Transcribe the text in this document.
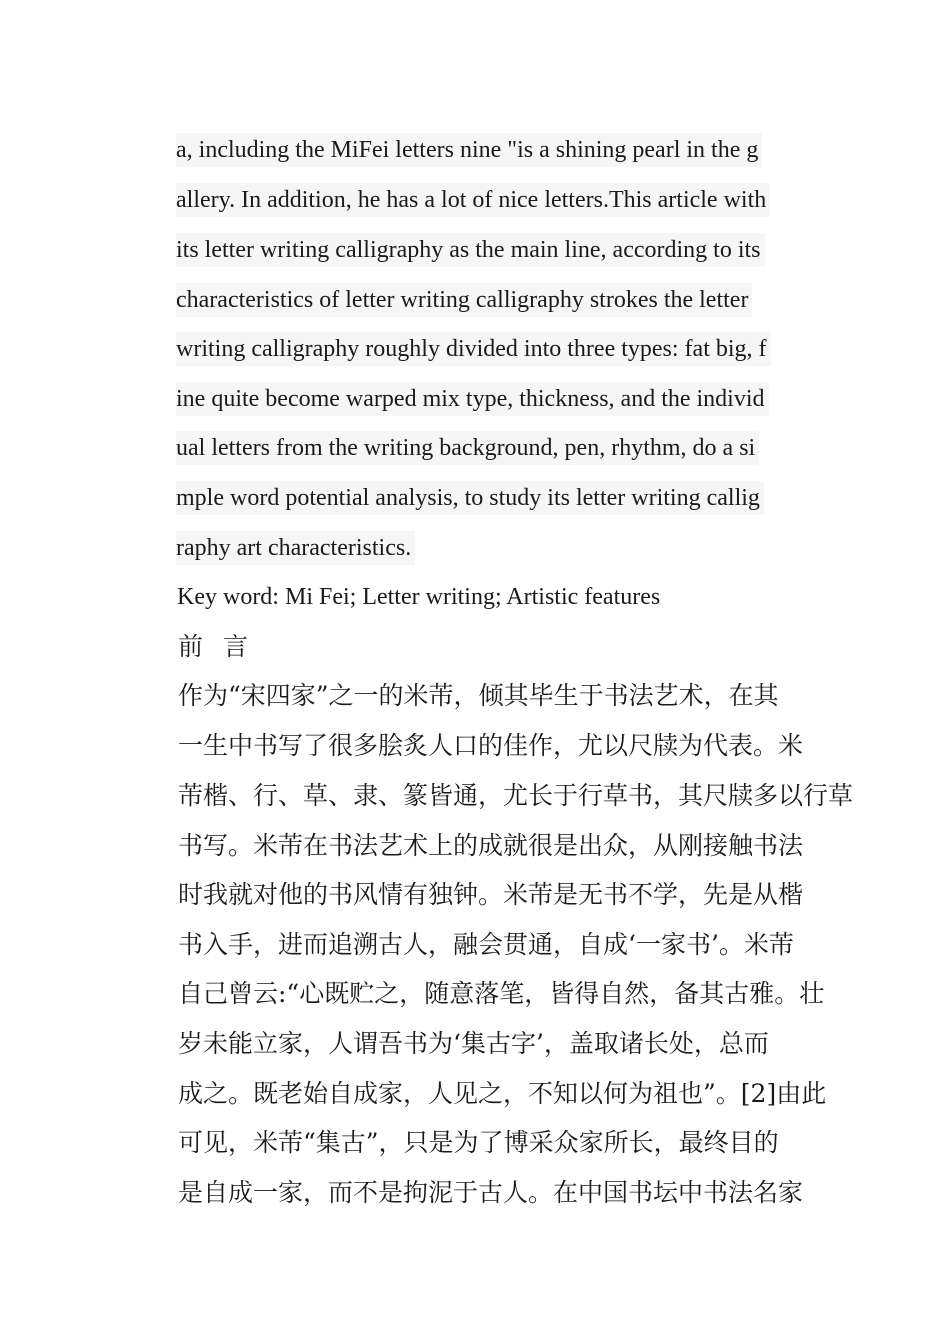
a, including the MiFei letters nine "is a shining pearl in the g
allery. In addition, he has a lot of nice letters.This article with
its letter writing calligraphy as the main line, according to its
characteristics of letter writing calligraphy strokes the letter
writing calligraphy roughly divided into three types: fat big, f
ine quite become warped mix type, thickness, and the individ
ual letters from the writing background, pen, rhythm, do a si
mple word potential analysis, to study its letter writing callig
raphy art characteristics.
Key word: Mi Fei; Letter writing; Artistic features
前 言
作为“宋四家”之一的米芾，倾其毕生于书法艺术，在其
一生中书写了很多脍炙人口的佳作，尤以尺牍为代表。米
芾楷、行、草、隶、篆皆通，尤长于行草书，其尺牍多以行草
书写。米芾在书法艺术上的成就很是出众，从刚接触书法
时我就对他的书风情有独钟。米芾是无书不学，先是从楷
书入手，进而追溯古人，融会贯通，自成‘一家书’。米芾
自己曾云:“心既贮之，随意落笔，皆得自然，备其古雅。壮
岁未能立家，人谓吾书为‘集古字’，盖取诸长处，总而
成之。既老始自成家，人见之，不知以何为祖也”。[2]由此
可见，米芾“集古”，只是为了博采众家所长，最终目的
是自成一家，而不是拘泥于古人。在中国书坛中书法名家
